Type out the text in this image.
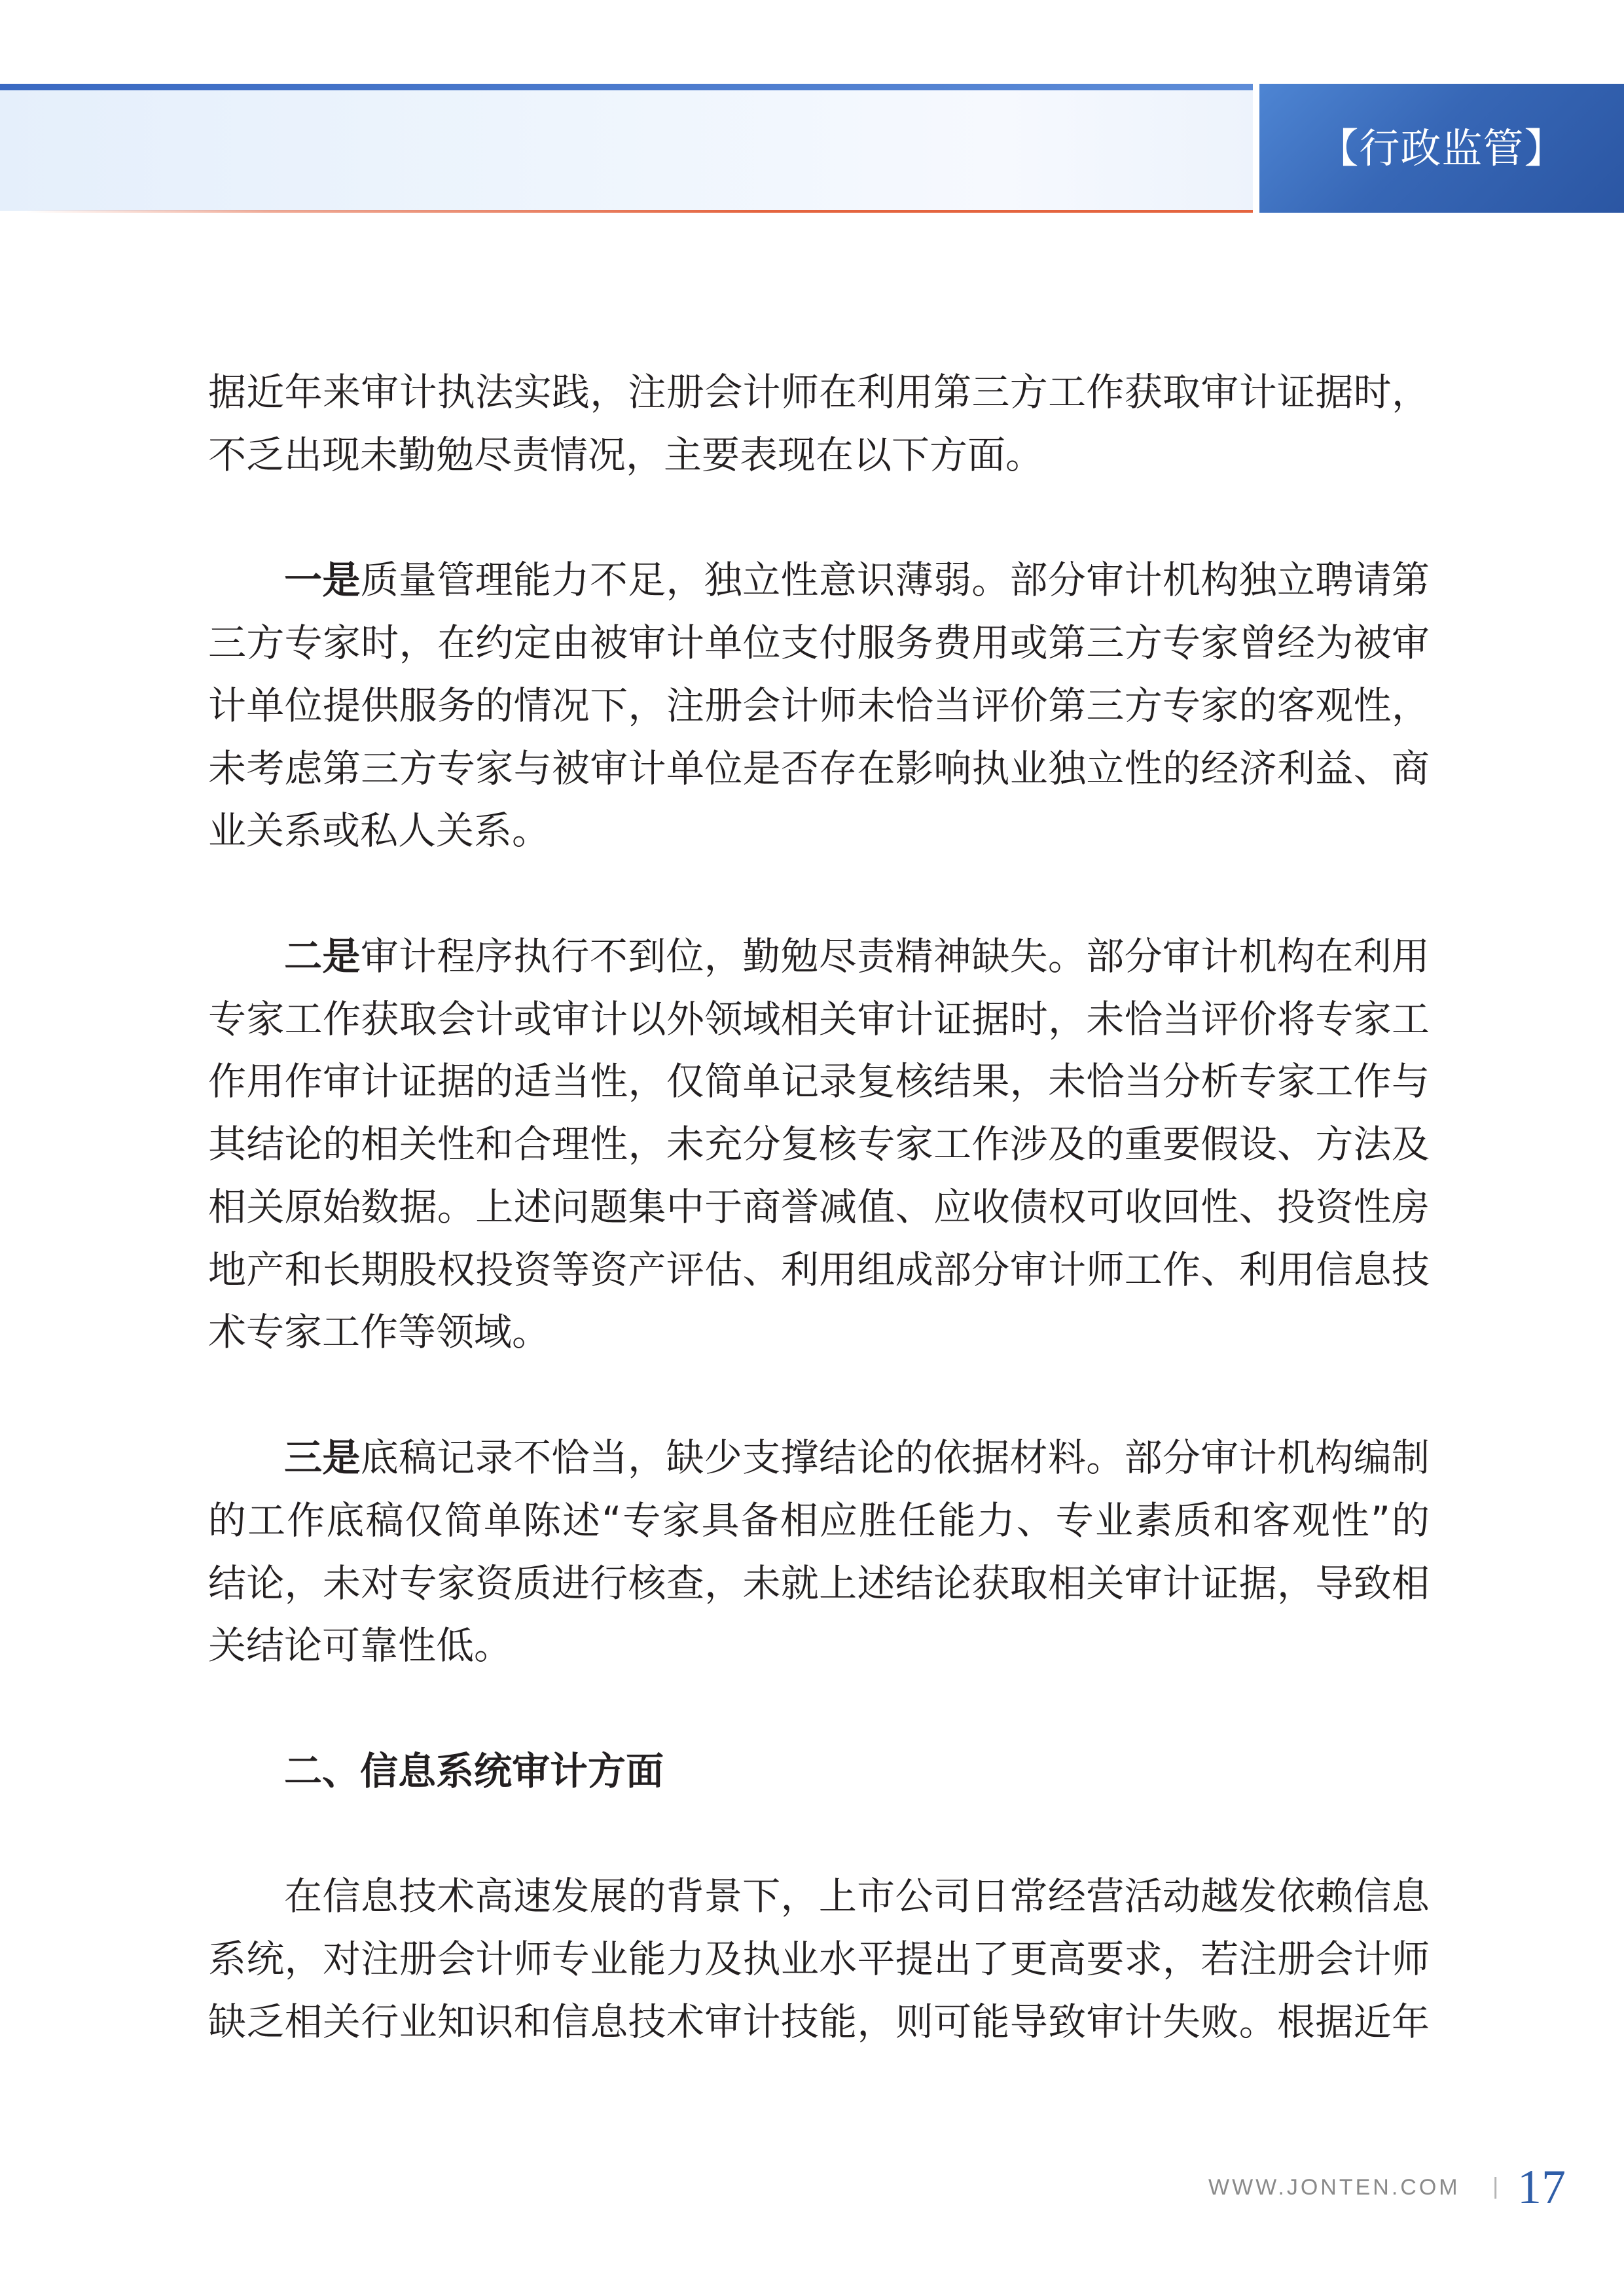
【行政监管】
据近年来审计执法实践，注册会计师在利用第三方工作获取审计证据时，
不乏出现未勤勉尽责情况，主要表现在以下方面。
一是质量管理能力不足，独立性意识薄弱。部分审计机构独立聘请第
三方专家时，在约定由被审计单位支付服务费用或第三方专家曾经为被审
计单位提供服务的情况下，注册会计师未恰当评价第三方专家的客观性，
未考虑第三方专家与被审计单位是否存在影响执业独立性的经济利益、商
业关系或私人关系。
二是审计程序执行不到位，勤勉尽责精神缺失。部分审计机构在利用
专家工作获取会计或审计以外领域相关审计证据时，未恰当评价将专家工
作用作审计证据的适当性，仅简单记录复核结果，未恰当分析专家工作与
其结论的相关性和合理性，未充分复核专家工作涉及的重要假设、方法及
相关原始数据。上述问题集中于商誉减值、应收债权可收回性、投资性房
地产和长期股权投资等资产评估、利用组成部分审计师工作、利用信息技
术专家工作等领域。
三是底稿记录不恰当，缺少支撑结论的依据材料。部分审计机构编制
的工作底稿仅简单陈述“专家具备相应胜任能力、专业素质和客观性”的
结论，未对专家资质进行核查，未就上述结论获取相关审计证据，导致相
关结论可靠性低。
二、信息系统审计方面
在信息技术高速发展的背景下，上市公司日常经营活动越发依赖信息
系统，对注册会计师专业能力及执业水平提出了更高要求，若注册会计师
缺乏相关行业知识和信息技术审计技能，则可能导致审计失败。根据近年
WWW.JONTEN.COM | 17
